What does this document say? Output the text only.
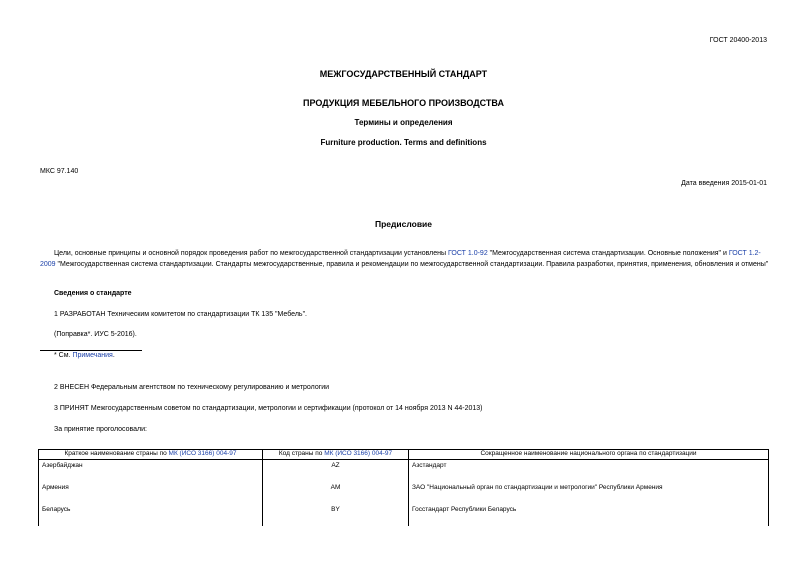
ГОСТ 20400-2013
МЕЖГОСУДАРСТВЕННЫЙ СТАНДАРТ
ПРОДУКЦИЯ МЕБЕЛЬНОГО ПРОИЗВОДСТВА
Термины и определения
Furniture production. Terms and definitions
МКС 97.140
Дата введения 2015-01-01
Предисловие
Цели, основные принципы и основной порядок проведения работ по межгосударственной стандартизации установлены ГОСТ 1.0-92 "Межгосударственная система стандартизации. Основные положения" и ГОСТ 1.2-2009 "Межгосударственная система стандартизации. Стандарты межгосударственные, правила и рекомендации по межгосударственной стандартизации. Правила разработки, принятия, применения, обновления и отмены"
Сведения о стандарте
1 РАЗРАБОТАН Техническим комитетом по стандартизации ТК 135 "Мебель".
(Поправка*. ИУС 5-2016).
* См. Примечания.
2 ВНЕСЕН Федеральным агентством по техническому регулированию и метрологии
3 ПРИНЯТ Межгосударственным советом по стандартизации, метрологии и сертификации (протокол от 14 ноября 2013 N 44-2013)
За принятие проголосовали:
Краткое наименование страны по МК (ИСО 3166) 004-97	Код страны по МК (ИСО 3166) 004-97	Сокращенное наименование национального органа по стандартизации
Азербайджан	AZ	Азстандарт
Армения	AM	ЗАО "Национальный орган по стандартизации и метрологии" Республики Армения
Беларусь	BY	Госстандарт Республики Беларусь
